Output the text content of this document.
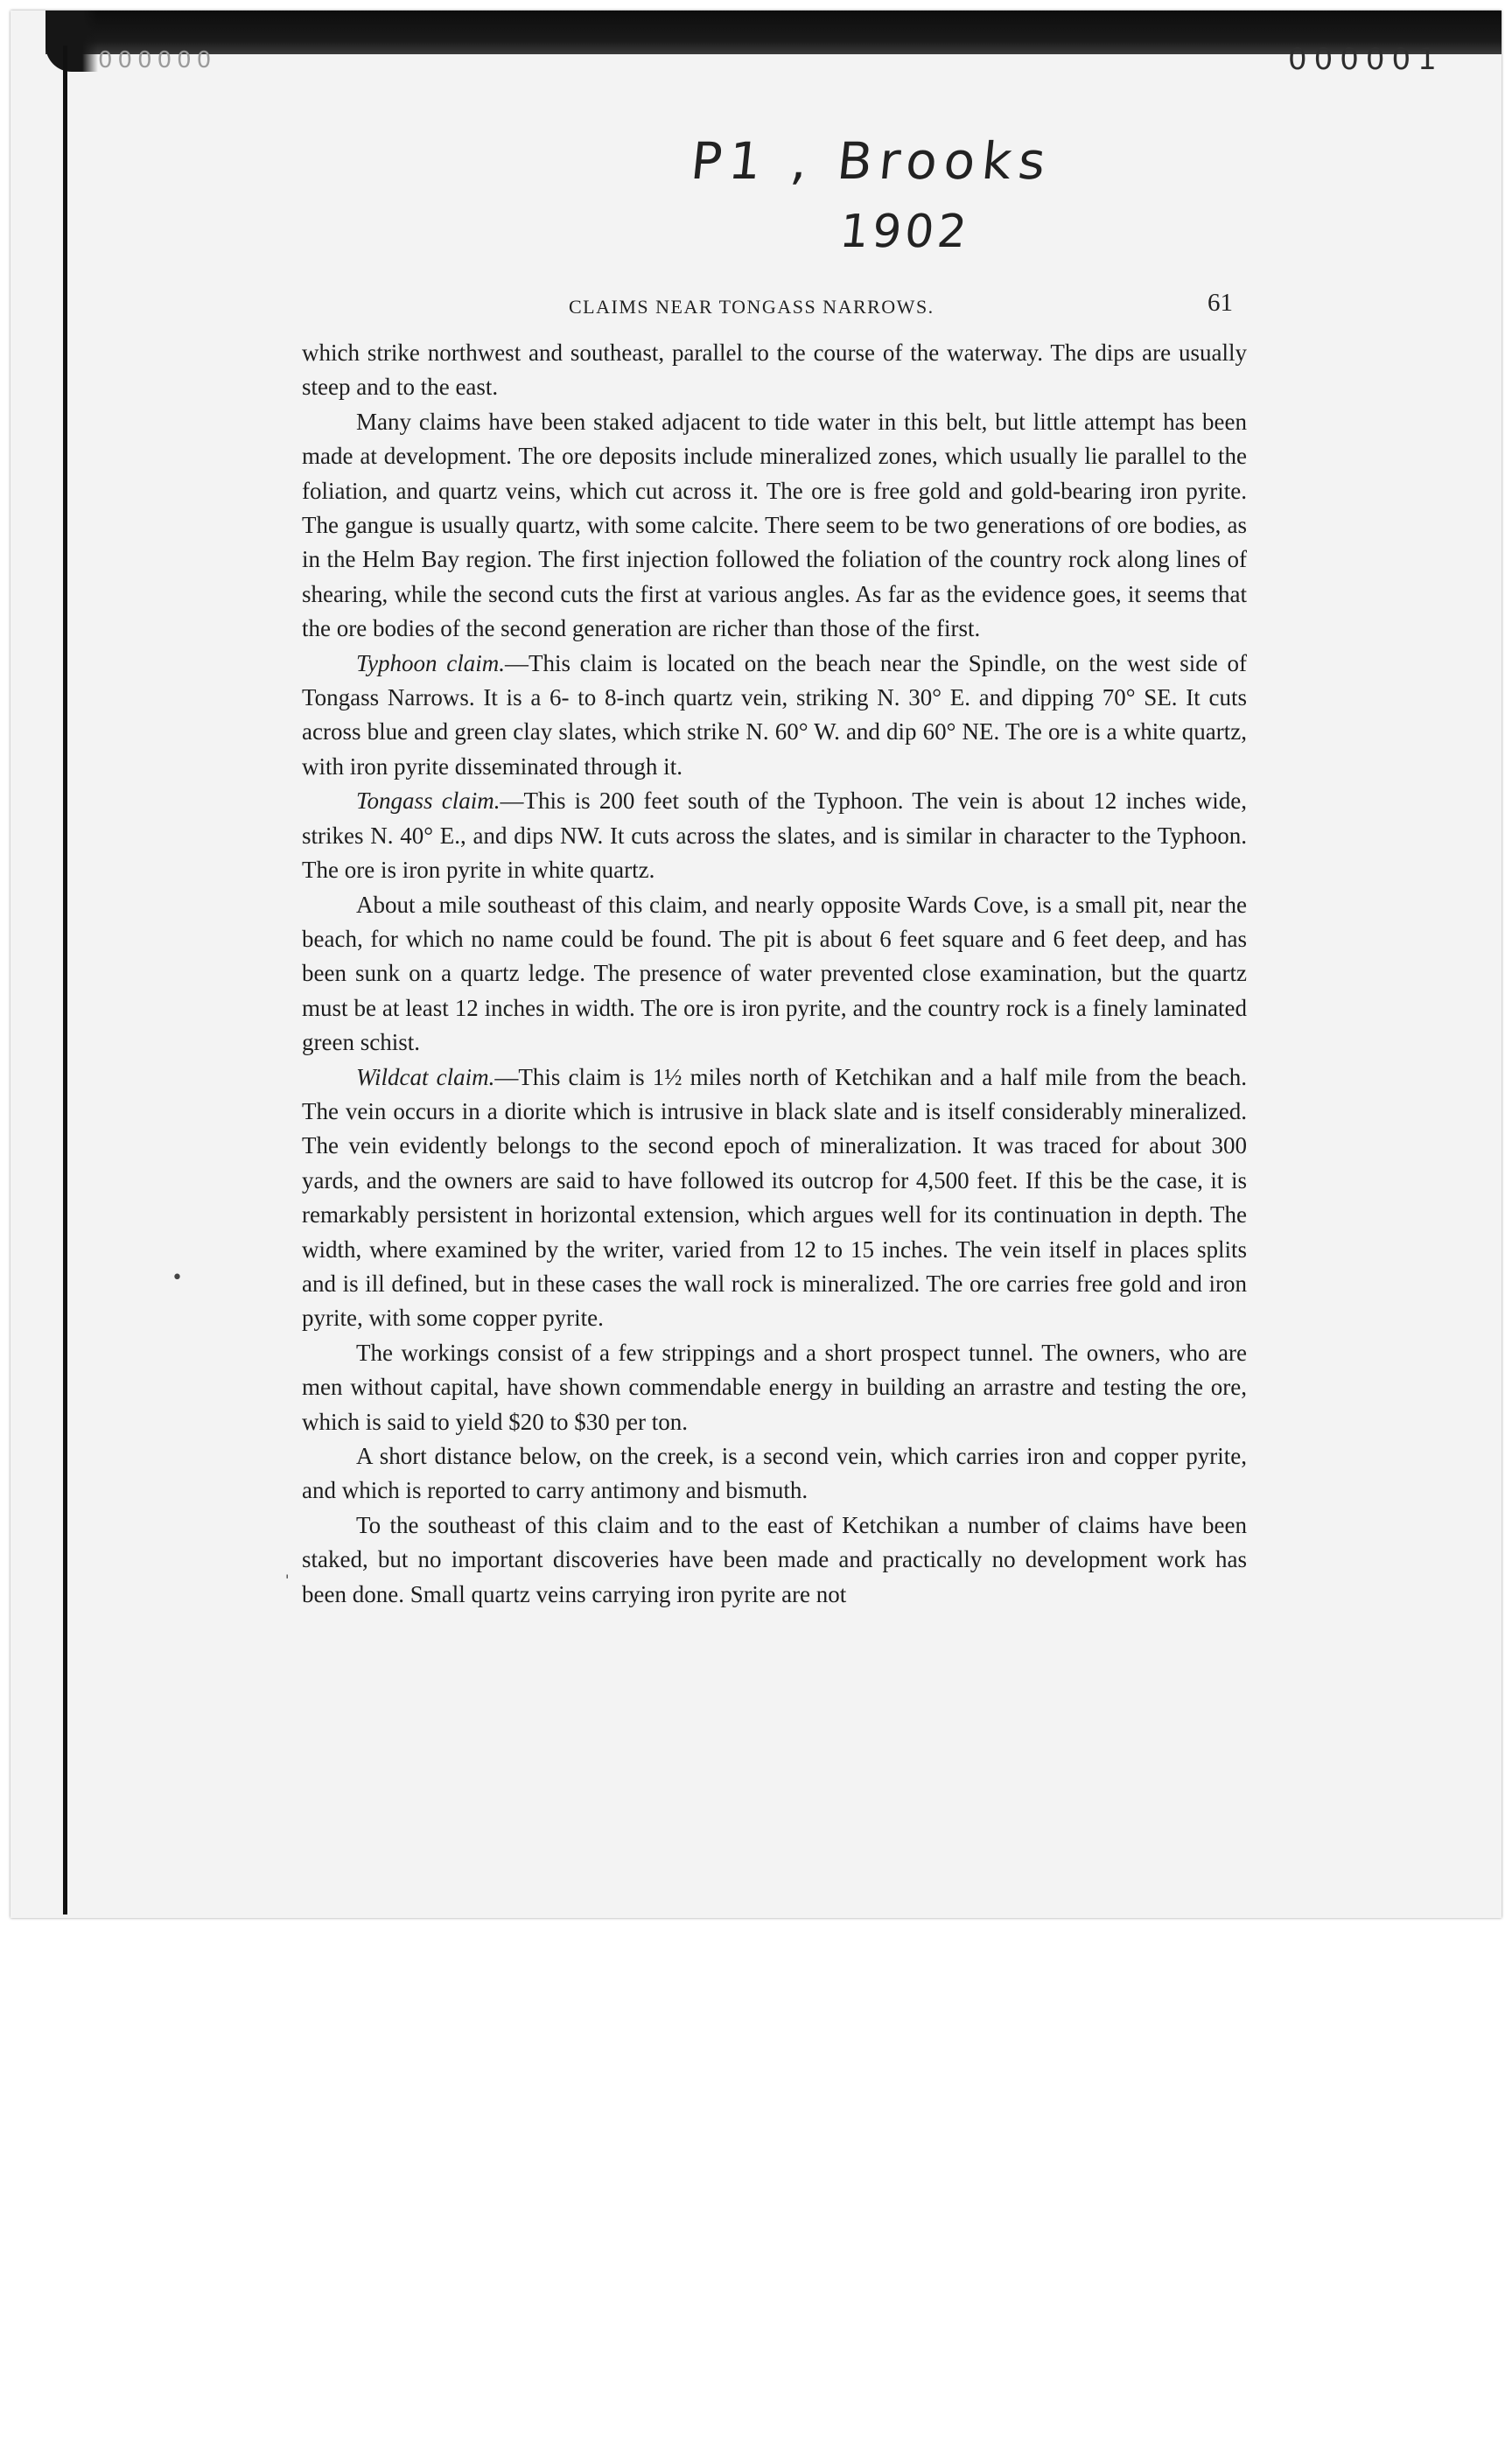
000000	000001
P1 , Brooks
1902
CLAIMS NEAR TONGASS NARROWS.	61

which strike northwest and southeast, parallel to the course of the waterway. The dips are usually steep and to the east.

Many claims have been staked adjacent to tide water in this belt, but little attempt has been made at development. The ore deposits include mineralized zones, which usually lie parallel to the foliation, and quartz veins, which cut across it. The ore is free gold and gold-bearing iron pyrite. The gangue is usually quartz, with some calcite. There seem to be two generations of ore bodies, as in the Helm Bay region. The first injection followed the foliation of the country rock along lines of shearing, while the second cuts the first at various angles. As far as the evidence goes, it seems that the ore bodies of the second generation are richer than those of the first.

Typhoon claim.—This claim is located on the beach near the Spindle, on the west side of Tongass Narrows. It is a 6- to 8-inch quartz vein, striking N. 30° E. and dipping 70° SE. It cuts across blue and green clay slates, which strike N. 60° W. and dip 60° NE. The ore is a white quartz, with iron pyrite disseminated through it.

Tongass claim.—This is 200 feet south of the Typhoon. The vein is about 12 inches wide, strikes N. 40° E., and dips NW. It cuts across the slates, and is similar in character to the Typhoon. The ore is iron pyrite in white quartz.

About a mile southeast of this claim, and nearly opposite Wards Cove, is a small pit, near the beach, for which no name could be found. The pit is about 6 feet square and 6 feet deep, and has been sunk on a quartz ledge. The presence of water prevented close examination, but the quartz must be at least 12 inches in width. The ore is iron pyrite, and the country rock is a finely laminated green schist.

Wildcat claim.—This claim is 1½ miles north of Ketchikan and a half mile from the beach. The vein occurs in a diorite which is intrusive in black slate and is itself considerably mineralized. The vein evidently belongs to the second epoch of mineralization. It was traced for about 300 yards, and the owners are said to have followed its outcrop for 4,500 feet. If this be the case, it is remarkably persistent in horizontal extension, which argues well for its continuation in depth. The width, where examined by the writer, varied from 12 to 15 inches. The vein itself in places splits and is ill defined, but in these cases the wall rock is mineralized. The ore carries free gold and iron pyrite, with some copper pyrite.

The workings consist of a few strippings and a short prospect tunnel. The owners, who are men without capital, have shown commendable energy in building an arrastre and testing the ore, which is said to yield $20 to $30 per ton.

A short distance below, on the creek, is a second vein, which carries iron and copper pyrite, and which is reported to carry antimony and bismuth.

To the southeast of this claim and to the east of Ketchikan a number of claims have been staked, but no important discoveries have been made and practically no development work has been done. Small quartz veins carrying iron pyrite are not

•
'
